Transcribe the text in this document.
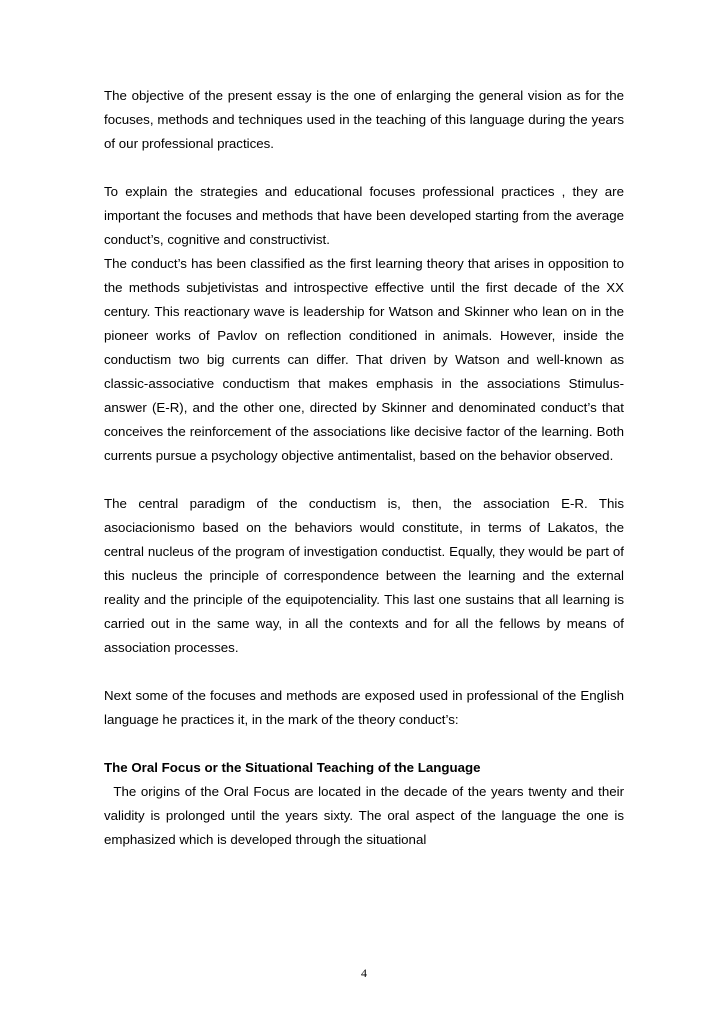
The objective of the present essay is the one of enlarging the general vision as for the focuses, methods and techniques used in the teaching of this language during the years of our professional practices.

To explain the strategies and educational focuses professional practices , they are important the focuses and methods that have been developed starting from the average conduct’s, cognitive and constructivist.

The conduct’s has been classified as the first learning theory that arises in opposition to the methods subjetivistas and introspective effective until the first decade of the XX century. This reactionary wave is leadership for Watson and Skinner who lean on in the pioneer works of Pavlov on reflection conditioned in animals. However, inside the conductism two big currents can differ. That driven by Watson and well-known as classic-associative conductism that makes emphasis in the associations Stimulus-answer (E-R), and the other one, directed by Skinner and denominated conduct’s that conceives the reinforcement of the associations like decisive factor of the learning. Both currents pursue a psychology objective antimentalist, based on the behavior observed.

The central paradigm of the conductism is, then, the association E-R. This asociacionismo based on the behaviors would constitute, in terms of Lakatos, the central nucleus of the program of investigation conductist. Equally, they would be part of this nucleus the principle of correspondence between the learning and the external reality and the principle of the equipotenciality. This last one sustains that all learning is carried out in the same way, in all the contexts and for all the fellows by means of association processes.

Next some of the focuses and methods are exposed used in professional of the English language he practices it, in the mark of the theory conduct’s:

The Oral Focus or the Situational Teaching of the Language

The origins of the Oral Focus are located in the decade of the years twenty and their validity is prolonged until the years sixty. The oral aspect of the language the one is emphasized which is developed through the situational

4
